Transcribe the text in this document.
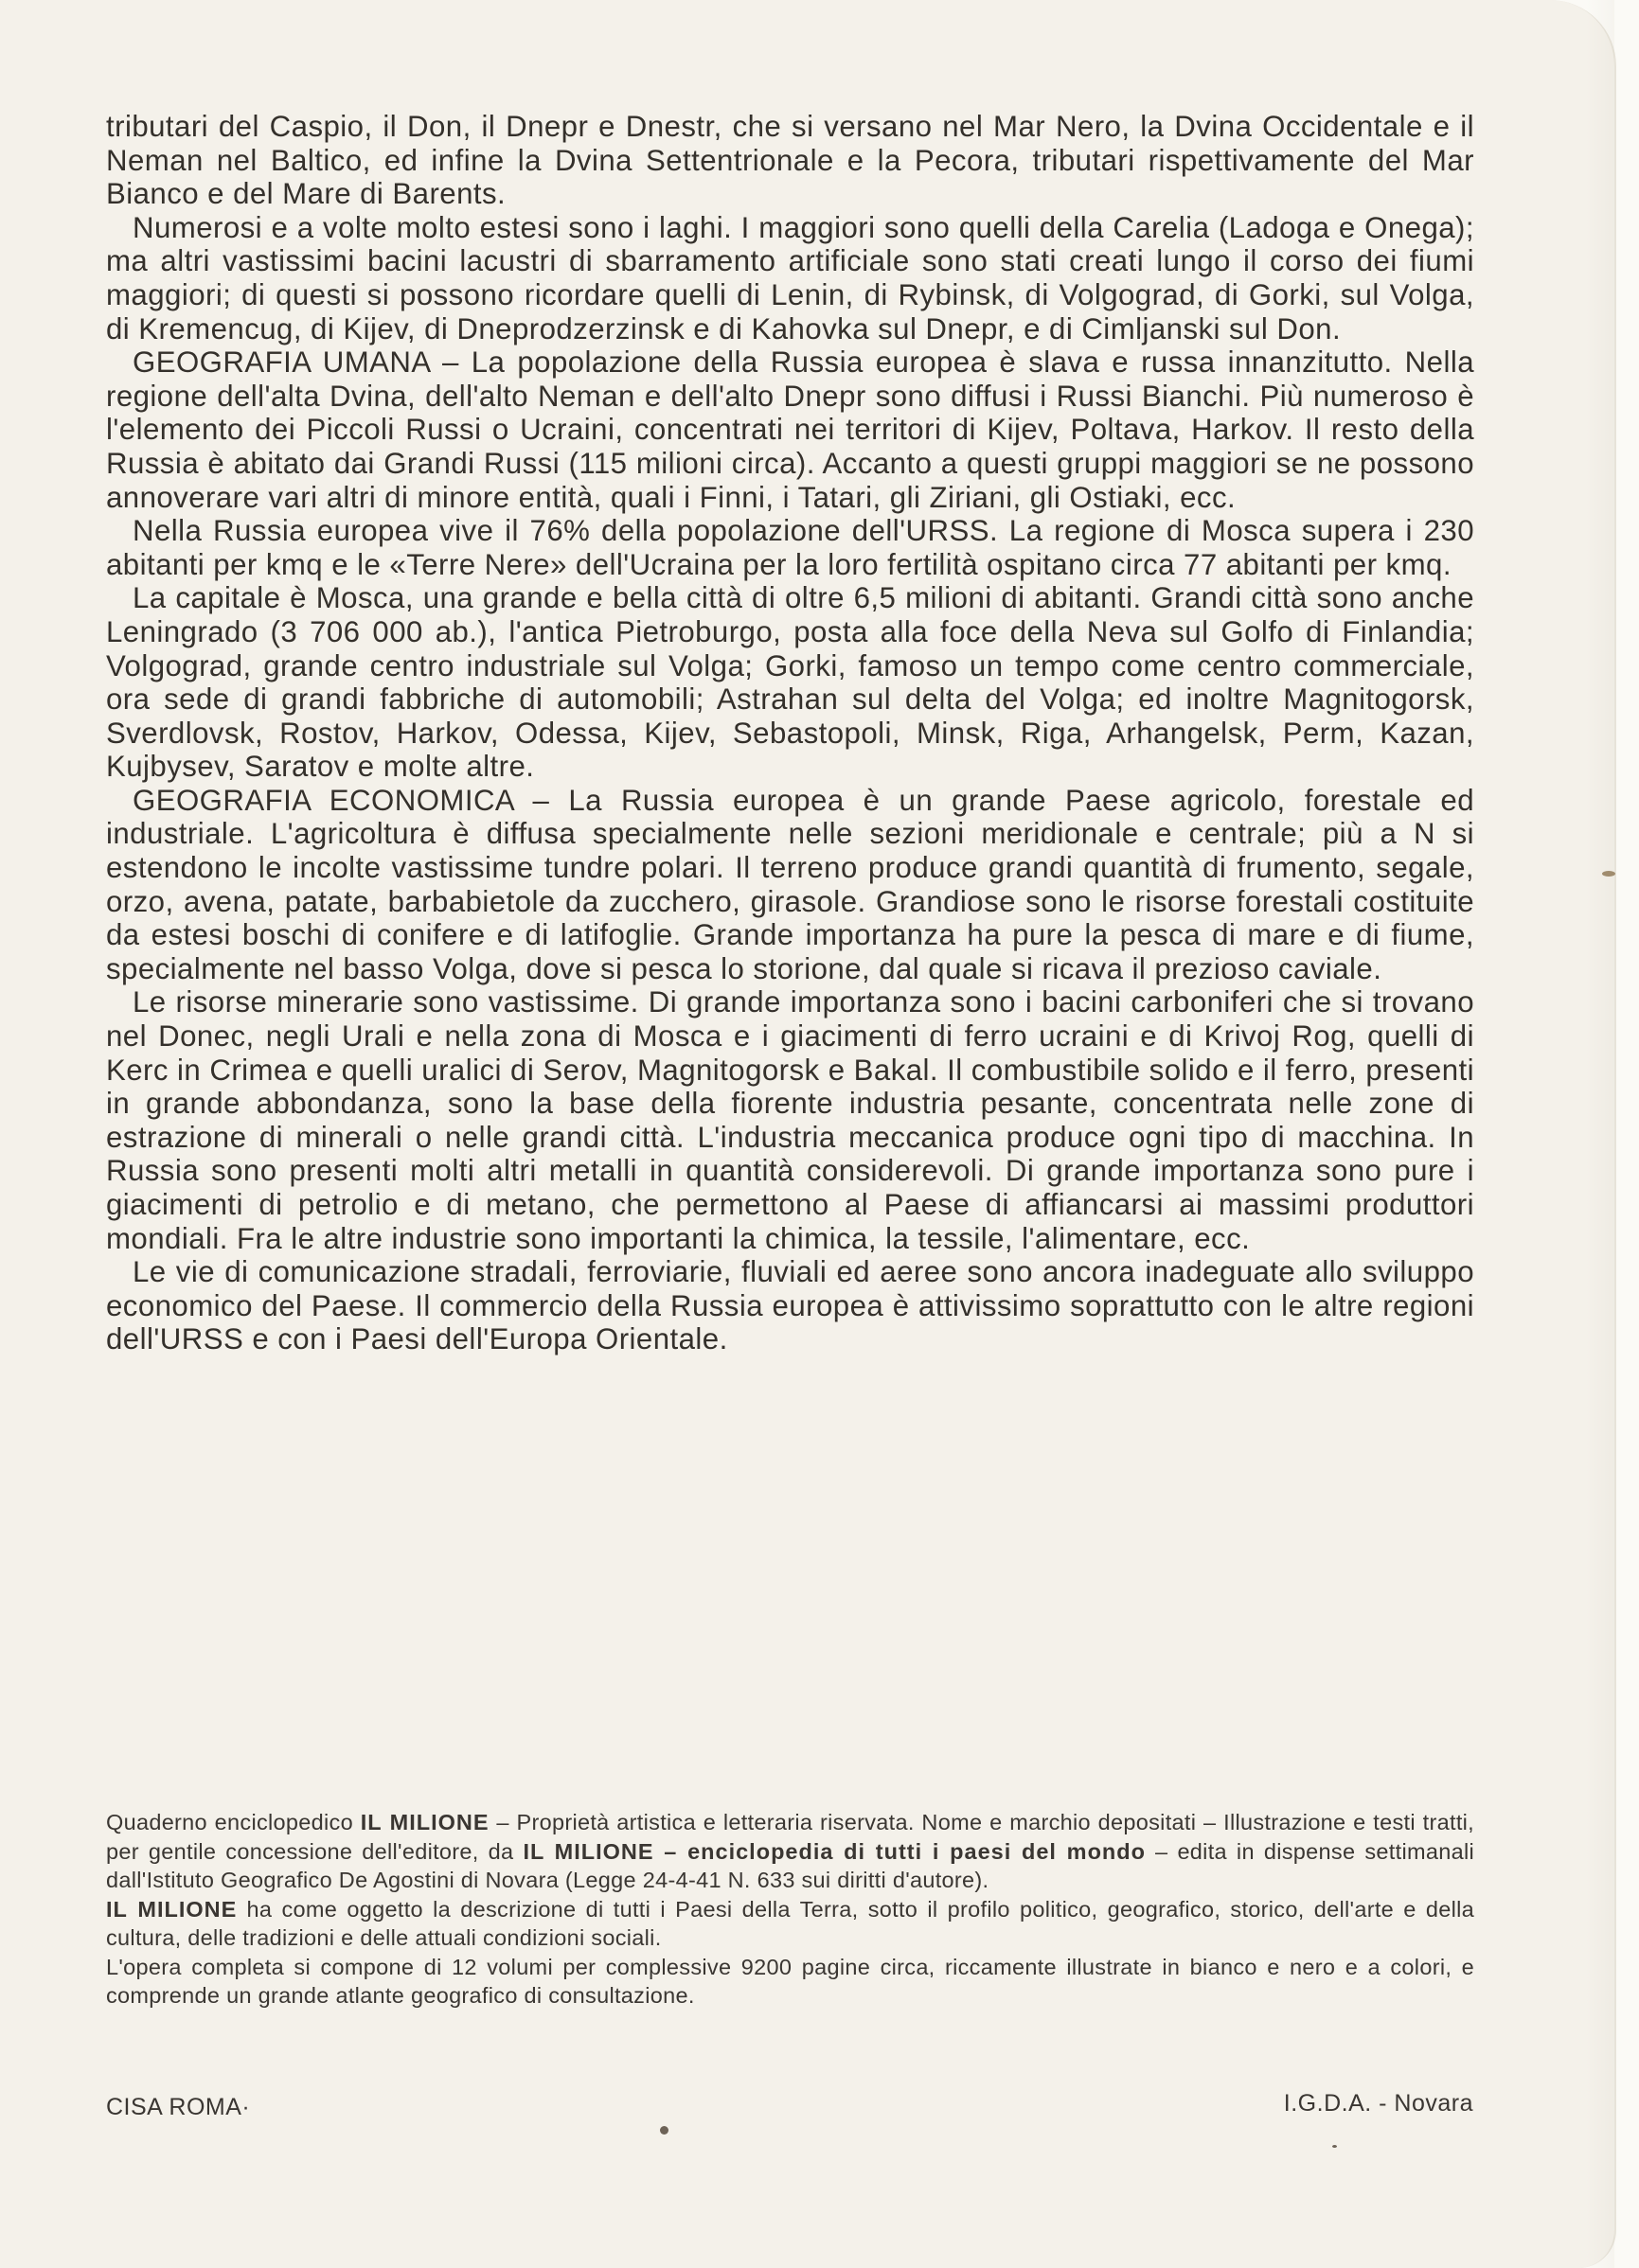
tributari del Caspio, il Don, il Dnepr e Dnestr, che si versano nel Mar Nero, la Dvina Occidentale e il Neman nel Baltico, ed infine la Dvina Settentrionale e la Pecora, tributari rispettivamente del Mar Bianco e del Mare di Barents.

Numerosi e a volte molto estesi sono i laghi. I maggiori sono quelli della Carelia (Ladoga e Onega); ma altri vastissimi bacini lacustri di sbarramento artificiale sono stati creati lungo il corso dei fiumi maggiori; di questi si possono ricordare quelli di Lenin, di Rybinsk, di Volgograd, di Gorki, sul Volga, di Kremencug, di Kijev, di Dneprodzerzinsk e di Kahovka sul Dnepr, e di Cimljanski sul Don.

GEOGRAFIA UMANA – La popolazione della Russia europea è slava e russa innanzitutto. Nella regione dell'alta Dvina, dell'alto Neman e dell'alto Dnepr sono diffusi i Russi Bianchi. Più numeroso è l'elemento dei Piccoli Russi o Ucraini, concentrati nei territori di Kijev, Poltava, Harkov. Il resto della Russia è abitato dai Grandi Russi (115 milioni circa). Accanto a questi gruppi maggiori se ne possono annoverare vari altri di minore entità, quali i Finni, i Tatari, gli Ziriani, gli Ostiaki, ecc.

Nella Russia europea vive il 76% della popolazione dell'URSS. La regione di Mosca supera i 230 abitanti per kmq e le «Terre Nere» dell'Ucraina per la loro fertilità ospitano circa 77 abitanti per kmq.

La capitale è Mosca, una grande e bella città di oltre 6,5 milioni di abitanti. Grandi città sono anche Leningrado (3 706 000 ab.), l'antica Pietroburgo, posta alla foce della Neva sul Golfo di Finlandia; Volgograd, grande centro industriale sul Volga; Gorki, famoso un tempo come centro commerciale, ora sede di grandi fabbriche di automobili; Astrahan sul delta del Volga; ed inoltre Magnitogorsk, Sverdlovsk, Rostov, Harkov, Odessa, Kijev, Sebastopoli, Minsk, Riga, Arhangelsk, Perm, Kazan, Kujbysev, Saratov e molte altre.

GEOGRAFIA ECONOMICA – La Russia europea è un grande Paese agricolo, forestale ed industriale. L'agricoltura è diffusa specialmente nelle sezioni meridionale e centrale; più a N si estendono le incolte vastissime tundre polari. Il terreno produce grandi quantità di frumento, segale, orzo, avena, patate, barbabietole da zucchero, girasole. Grandiose sono le risorse forestali costituite da estesi boschi di conifere e di latifoglie. Grande importanza ha pure la pesca di mare e di fiume, specialmente nel basso Volga, dove si pesca lo storione, dal quale si ricava il prezioso caviale.

Le risorse minerarie sono vastissime. Di grande importanza sono i bacini carboniferi che si trovano nel Donec, negli Urali e nella zona di Mosca e i giacimenti di ferro ucraini e di Krivoj Rog, quelli di Kerc in Crimea e quelli uralici di Serov, Magnitogorsk e Bakal. Il combustibile solido e il ferro, presenti in grande abbondanza, sono la base della fiorente industria pesante, concentrata nelle zone di estrazione di minerali o nelle grandi città. L'industria meccanica produce ogni tipo di macchina. In Russia sono presenti molti altri metalli in quantità considerevoli. Di grande importanza sono pure i giacimenti di petrolio e di metano, che permettono al Paese di affiancarsi ai massimi produttori mondiali. Fra le altre industrie sono importanti la chimica, la tessile, l'alimentare, ecc.

Le vie di comunicazione stradali, ferroviarie, fluviali ed aeree sono ancora inadeguate allo sviluppo economico del Paese. Il commercio della Russia europea è attivissimo soprattutto con le altre regioni dell'URSS e con i Paesi dell'Europa Orientale.

Quaderno enciclopedico IL MILIONE – Proprietà artistica e letteraria riservata. Nome e marchio depositati – Illustrazione e testi tratti, per gentile concessione dell'editore, da IL MILIONE – enciclopedia di tutti i paesi del mondo – edita in dispense settimanali dall'Istituto Geografico De Agostini di Novara (Legge 24-4-41 N. 633 sui diritti d'autore).

IL MILIONE ha come oggetto la descrizione di tutti i Paesi della Terra, sotto il profilo politico, geografico, storico, dell'arte e della cultura, delle tradizioni e delle attuali condizioni sociali.

L'opera completa si compone di 12 volumi per complessive 9200 pagine circa, riccamente illustrate in bianco e nero e a colori, e comprende un grande atlante geografico di consultazione.

CISA ROMA·	I.G.D.A. - Novara
